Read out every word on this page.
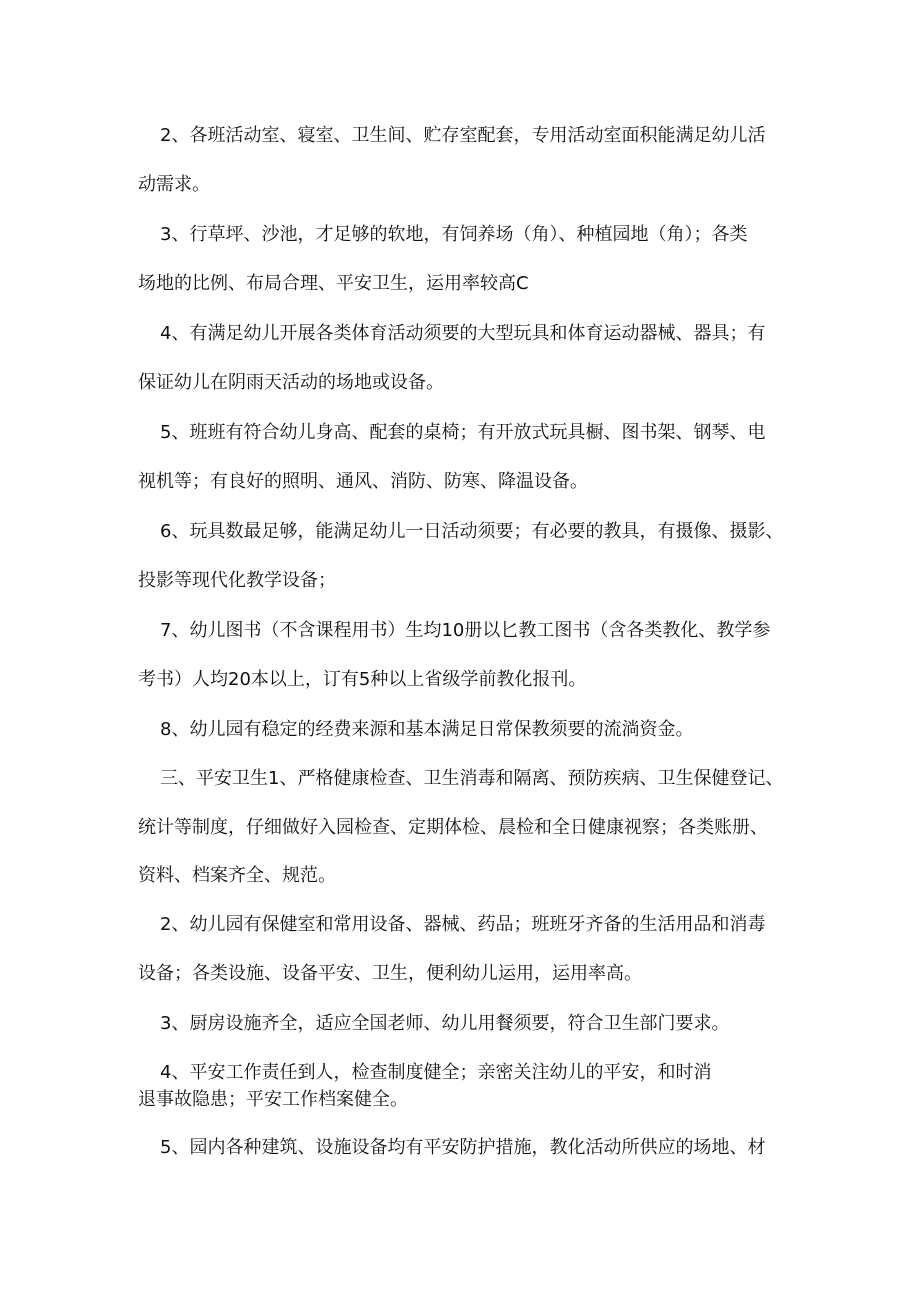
2、各班活动室、寝室、卫生间、贮存室配套，专用活动室面积能满足幼儿活
动需求。
3、行草坪、沙池，才足够的软地，有饲养场（角）、种植园地（角）；各类
场地的比例、布局合理、平安卫生，运用率较高C
4、有满足幼儿开展各类体育活动须要的大型玩具和体育运动器械、器具；有
保证幼儿在阴雨天活动的场地或设备。
5、班班有符合幼儿身高、配套的桌椅；有开放式玩具橱、图书架、钢琴、电
视机等；有良好的照明、通风、消防、防寒、降温设备。
6、玩具数最足够，能满足幼儿一日活动须要；有必要的教具，有摄像、摄影、
投影等现代化教学设备；
7、幼儿图书（不含课程用书）生均10册以匕教工图书（含各类教化、教学参
考书）人均20本以上，订有5种以上省级学前教化报刊。
8、幼儿园有稳定的经费来源和基本满足日常保教须要的流淌资金。
三、平安卫生1、严格健康检查、卫生消毒和隔离、预防疾病、卫生保健登记、
统计等制度，仔细做好入园检查、定期体检、晨检和全日健康视察；各类账册、
资料、档案齐全、规范。
2、幼儿园有保健室和常用设备、器械、药品；班班牙齐备的生活用品和消毒
设备；各类设施、设备平安、卫生，便利幼儿运用，运用率高。
3、厨房设施齐全，适应全国老师、幼儿用餐须要，符合卫生部门要求。
4、平安工作责任到人，检查制度健全；亲密关注幼儿的平安，和时消
退事故隐患；平安工作档案健全。
5、园内各种建筑、设施设备均有平安防护措施，教化活动所供应的场地、材
